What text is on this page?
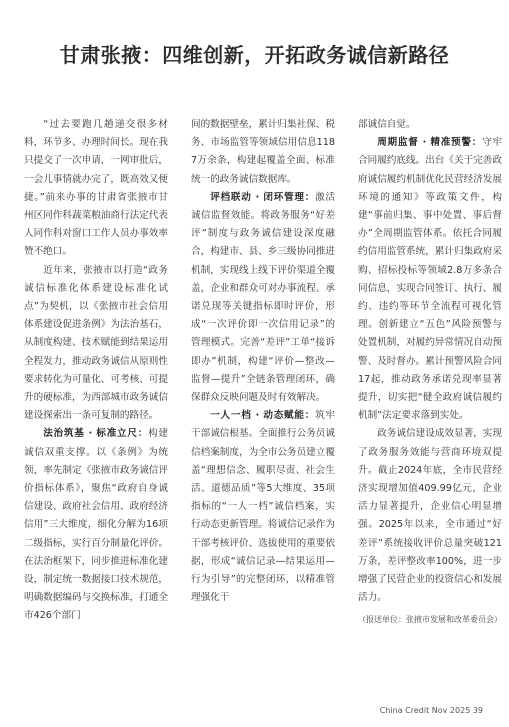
甘肃张掖：四维创新，开拓政务诚信新路径

“过去要跑几趟递交很多材料，环节多、办理时间长。现在我只提交了一次申请，一网审批后，一会儿事情就办完了，既高效又便捷。”前来办事的甘肃省张掖市甘州区同作科蔬菜粮油商行法定代表人同作科对窗口工作人员办事效率赞不绝口。

近年来，张掖市以打造“政务诚信标准化体系建设标准化试点”为契机，以《张掖市社会信用体系建设促进条例》为法治基石，从制度构建、技术赋能到结果运用全程发力，推动政务诚信从原则性要求转化为可量化、可考核、可提升的硬标准，为西部城市政务诚信建设探索出一条可复制的路径。

法治筑基 · 标准立尺：构建诚信双重支撑。以《条例》为统领，率先制定《张掖市政务诚信评价指标体系》，聚焦“政府自身诚信建设、政府社会信用、政府经济信用”三大维度，细化分解为16项二级指标，实行百分制量化评价。在法治框架下，同步推进标准化建设，制定统一数据接口技术规范，明确数据编码与交换标准，打通全市426个部门

间的数据壁垒，累计归集社保、税务、市场监管等领域信用信息1187万余条，构建起覆盖全面、标准统一的政务诚信数据库。

评档联动 · 闭环管理：激活诚信监督效能。将政务服务“好差评”制度与政务诚信建设深度融合，构建市、县、乡三级协同推进机制，实现线上线下评价渠道全覆盖，企业和群众可对办事流程、承诺兑现等关键指标即时评价，形成“一次评价即一次信用记录”的管理模式。完善“差评”工单“接诉即办”机制，构建“评价—整改—监督—提升”全链条管理闭环，确保群众反映问题及时有效解决。

一人一档 · 动态赋能：筑牢干部诚信根基。全面推行公务员诚信档案制度，为全市公务员建立覆盖“理想信念、履职尽责、社会生活、道德品质”等5大维度、35项指标的“一人一档”诚信档案，实行动态更新管理。将诚信记录作为干部考核评价、选拔使用的重要依据，形成“诚信记录—结果运用—行为引导”的完整闭环，以精准管理强化干

部诚信自觉。

周期监督 · 精准预警：守牢合同履约底线。出台《关于完善政府诚信履约机制优化民营经济发展环境的通知》等政策文件，构建“事前归集、事中处置、事后督办”全周期监管体系。依托合同履约信用监管系统，累计归集政府采购、招标投标等领域2.8万多条合同信息，实现合同签订、执行、履约、违约等环节全流程可视化管理。创新建立“五色”风险预警与处置机制，对履约异常情况自动预警、及时督办。累计预警风险合同17起，推动政务承诺兑现率显著提升，切实把“健全政府诚信履约机制”法定要求落到实处。

政务诚信建设成效显著，实现了政务服务效能与营商环境双提升。截止2024年底，全市民营经济实现增加值409.99亿元，企业活力显著提升，企业信心明显增强。2025年以来，全市通过“好差评”系统接收评价总量突破121万条，差评整改率100%，进一步增强了民营企业的投资信心和发展活力。

（报送单位：张掖市发展和改革委员会）

China Credit Nov 2025 39
